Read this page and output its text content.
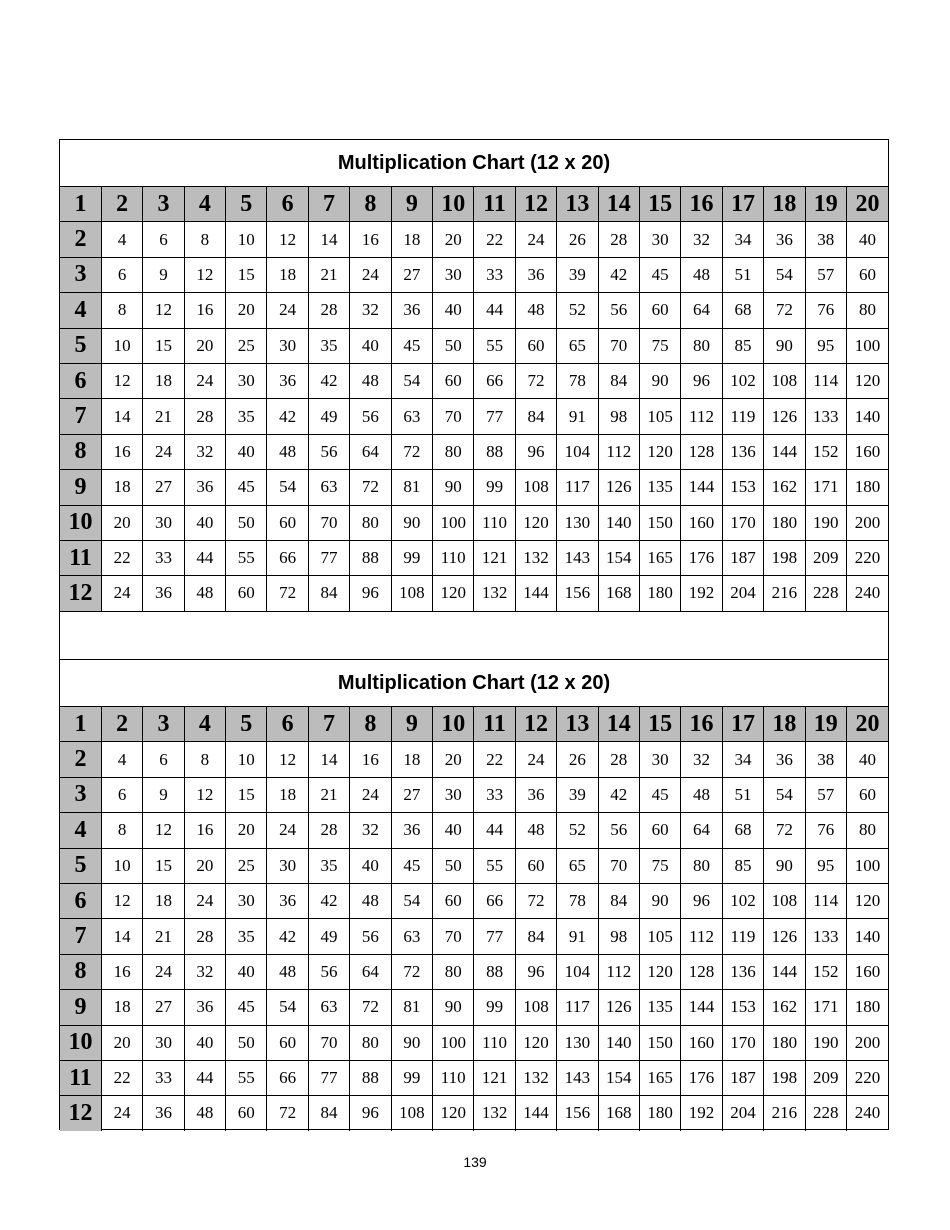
Multiplication Chart (12 x 20)
1	2	3	4	5	6	7	8	9	10	11	12	13	14	15	16	17	18	19	20
2	4	6	8	10	12	14	16	18	20	22	24	26	28	30	32	34	36	38	40
3	6	9	12	15	18	21	24	27	30	33	36	39	42	45	48	51	54	57	60
4	8	12	16	20	24	28	32	36	40	44	48	52	56	60	64	68	72	76	80
5	10	15	20	25	30	35	40	45	50	55	60	65	70	75	80	85	90	95	100
6	12	18	24	30	36	42	48	54	60	66	72	78	84	90	96	102	108	114	120
7	14	21	28	35	42	49	56	63	70	77	84	91	98	105	112	119	126	133	140
8	16	24	32	40	48	56	64	72	80	88	96	104	112	120	128	136	144	152	160
9	18	27	36	45	54	63	72	81	90	99	108	117	126	135	144	153	162	171	180
10	20	30	40	50	60	70	80	90	100	110	120	130	140	150	160	170	180	190	200
11	22	33	44	55	66	77	88	99	110	121	132	143	154	165	176	187	198	209	220
12	24	36	48	60	72	84	96	108	120	132	144	156	168	180	192	204	216	228	240
Multiplication Chart (12 x 20)
1	2	3	4	5	6	7	8	9	10	11	12	13	14	15	16	17	18	19	20
2	4	6	8	10	12	14	16	18	20	22	24	26	28	30	32	34	36	38	40
3	6	9	12	15	18	21	24	27	30	33	36	39	42	45	48	51	54	57	60
4	8	12	16	20	24	28	32	36	40	44	48	52	56	60	64	68	72	76	80
5	10	15	20	25	30	35	40	45	50	55	60	65	70	75	80	85	90	95	100
6	12	18	24	30	36	42	48	54	60	66	72	78	84	90	96	102	108	114	120
7	14	21	28	35	42	49	56	63	70	77	84	91	98	105	112	119	126	133	140
8	16	24	32	40	48	56	64	72	80	88	96	104	112	120	128	136	144	152	160
9	18	27	36	45	54	63	72	81	90	99	108	117	126	135	144	153	162	171	180
10	20	30	40	50	60	70	80	90	100	110	120	130	140	150	160	170	180	190	200
11	22	33	44	55	66	77	88	99	110	121	132	143	154	165	176	187	198	209	220
12	24	36	48	60	72	84	96	108	120	132	144	156	168	180	192	204	216	228	240
139
